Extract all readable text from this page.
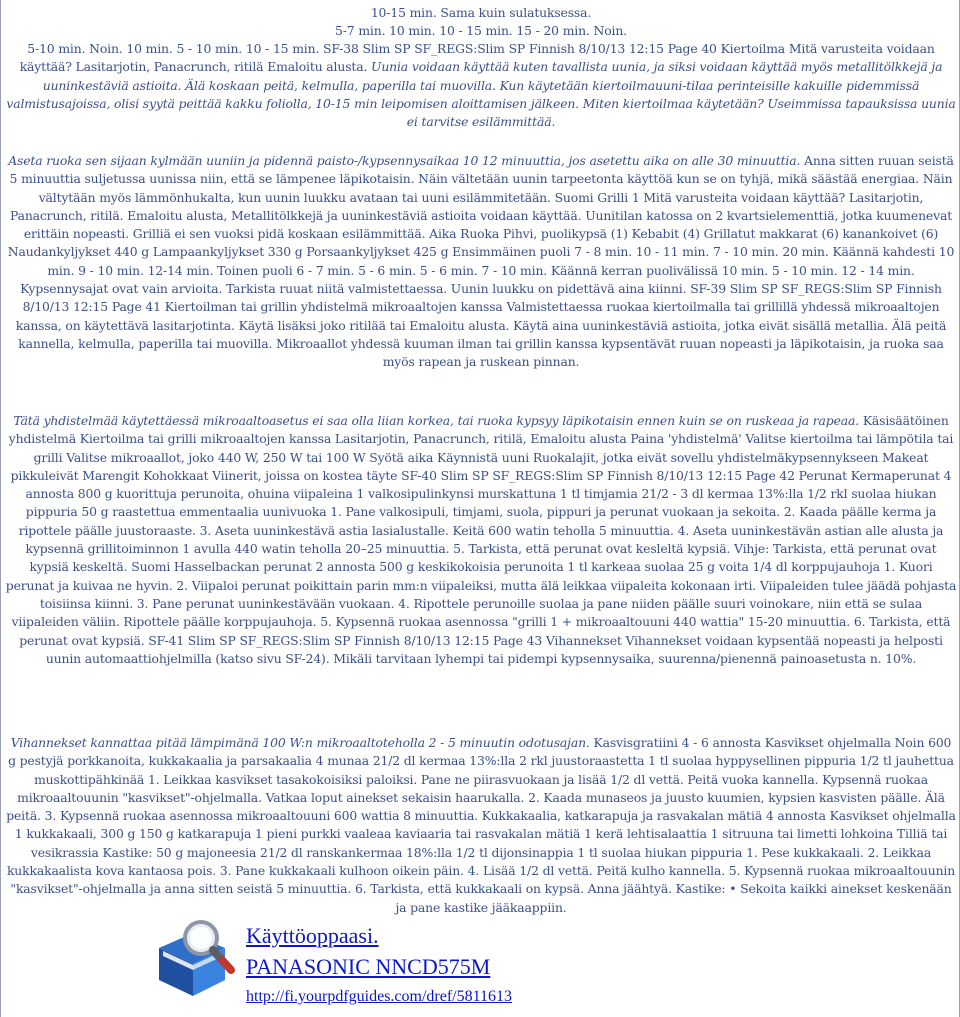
10-15 min. Sama kuin sulatuksessa.
5-7 min. 10 min. 10 - 15 min. 15 - 20 min. Noin.
5-10 min. Noin. 10 min. 5 - 10 min. 10 - 15 min. SF-38 Slim SP SF_REGS:Slim SP Finnish 8/10/13 12:15 Page 40 Kiertoilma Mitä varusteita voidaan käyttää? Lasitarjotin, Panacrunch, ritilä Emaloitu alusta. Uunia voidaan käyttää kuten tavallista uunia, ja siksi voidaan käyttää myös metallitölkkejä ja uuninkestäviä astioita. Älä koskaan peitä, kelmulla, paperilla tai muovilla. Kun käytetään kiertoilmauuni-tilaa perinteisille kakuille pidemmissä valmistusajoissa, olisi syytä peittää kakku foliolla, 10-15 min leipomisen aloittamisen jälkeen. Miten kiertoilmaa käytetään? Useimmissa tapauksissa uunia ei tarvitse esilämmittää.
Aseta ruoka sen sijaan kylmään uuniin ja pidennä paisto-/kypsennysaikaa 10 12 minuuttia, jos asetettu aika on alle 30 minuuttia. Anna sitten ruuan seistä 5 minuuttia suljetussa uunissa niin, että se lämpenee läpikotaisin. Näin vältetään uunin tarpeetonta käyttöä kun se on tyhjä, mikä säästää energiaa. Näin vältytään myös lämmönhukalta, kun uunin luukku avataan tai uuni esilämmitetään. Suomi Grilli 1 Mitä varusteita voidaan käyttää? Lasitarjotin, Panacrunch, ritilä. Emaloitu alusta, Metallitölkkejä ja uuninkestäviä astioita voidaan käyttää. Uunitilan katossa on 2 kvartsielementtiä, jotka kuumenevat erittäin nopeasti. Grilliä ei sen vuoksi pidä koskaan esilämmittää. Aika Ruoka Pihvi, puolikypsä (1) Kebabit (4) Grillatut makkarat (6) kanankoivet (6) Naudankyljykset 440 g Lampaankyljykset 330 g Porsaankyljykset 425 g Ensimmäinen puoli 7 - 8 min. 10 - 11 min. 7 - 10 min. 20 min. Käännä kahdesti 10 min. 9 - 10 min. 12-14 min. Toinen puoli 6 - 7 min. 5 - 6 min. 5 - 6 min. 7 - 10 min. Käännä kerran puolivälissä 10 min. 5 - 10 min. 12 - 14 min. Kypsennysajat ovat vain arvioita. Tarkista ruuat niitä valmistettaessa. Uunin luukku on pidettävä aina kiinni. SF-39 Slim SP SF_REGS:Slim SP Finnish 8/10/13 12:15 Page 41 Kiertoilman tai grillin yhdistelmä mikroaaltojen kanssa Valmistettaessa ruokaa kiertoilmalla tai grillillä yhdessä mikroaaltojen kanssa, on käytettävä lasitarjotinta. Käytä lisäksi joko ritilää tai Emaloitu alusta. Käytä aina uuninkestäviä astioita, jotka eivät sisällä metallia. Älä peitä kannella, kelmulla, paperilla tai muovilla. Mikroaallot yhdessä kuuman ilman tai grillin kanssa kypsentävät ruuan nopeasti ja läpikotaisin, ja ruoka saa myös rapean ja ruskean pinnan.
Tätä yhdistelmää käytettäessä mikroaaltoasetus ei saa olla liian korkea, tai ruoka kypsyy läpikotaisin ennen kuin se on ruskeaa ja rapeaa. Käsisäätöinen yhdistelmä Kiertoilma tai grilli mikroaaltojen kanssa Lasitarjotin, Panacrunch, ritilä, Emaloitu alusta Paina 'yhdistelmä' Valitse kiertoilma tai lämpötila tai grilli Valitse mikroaallot, joko 440 W, 250 W tai 100 W Syötä aika Käynnistä uuni Ruokalajit, jotka eivät sovellu yhdistelmäkypsennykseen Makeat pikkuleivät Marengit Kohokkaat Viinerit, joissa on kostea täyte SF-40 Slim SP SF_REGS:Slim SP Finnish 8/10/13 12:15 Page 42 Perunat Kermaperunat 4 annosta 800 g kuorittuja perunoita, ohuina viipaleina 1 valkosipulinkynsi murskattuna 1 tl timjamia 21/2 - 3 dl kermaa 13%:lla 1/2 rkl suolaa hiukan pippuria 50 g raastettua emmentaalia uunivuoka 1. Pane valkosipuli, timjami, suola, pippuri ja perunat vuokaan ja sekoita. 2. Kaada päälle kerma ja ripottele päälle juustoraaste. 3. Aseta uuninkestävä astia lasialustalle. Keitä 600 watin teholla 5 minuuttia. 4. Aseta uuninkestävän astian alle alusta ja kypsennä grillitoiminnon 1 avulla 440 watin teholla 20–25 minuuttia. 5. Tarkista, että perunat ovat kesleltä kypsiä. Vihje: Tarkista, että perunat ovat kypsiä keskeltä. Suomi Hasselbackan perunat 2 annosta 500 g keskikokoisia perunoita 1 tl karkeaa suolaa 25 g voita 1/4 dl korppujauhoja 1. Kuori perunat ja kuivaa ne hyvin. 2. Viipaloi perunat poikittain parin mm:n viipaleiksi, mutta älä leikkaa viipaleita kokonaan irti. Viipaleiden tulee jäädä pohjasta toisiinsa kiinni. 3. Pane perunat uuninkestävään vuokaan. 4. Ripottele perunoille suolaa ja pane niiden päälle suuri voinokare, niin että se sulaa viipaleiden väliin. Ripottele päälle korppujauhoja. 5. Kypsennä ruokaa asennossa "grilli 1 + mikroaaltouuni 440 wattia" 15-20 minuuttia. 6. Tarkista, että perunat ovat kypsiä. SF-41 Slim SP SF_REGS:Slim SP Finnish 8/10/13 12:15 Page 43 Vihannekset Vihannekset voidaan kypsentää nopeasti ja helposti uunin automaattiohjelmilla (katso sivu SF-24). Mikäli tarvitaan lyhempi tai pidempi kypsennysaika, suurenna/pienennä painoasetusta n. 10%.
Vihannekset kannattaa pitää lämpimänä 100 W:n mikroaaltoteholla 2 - 5 minuutin odotusajan. Kasvisgratiini 4 - 6 annosta Kasvikset ohjelmalla Noin 600 g pestyjä porkkanoita, kukkakaalia ja parsakaalia 4 munaa 21/2 dl kermaa 13%:lla 2 rkl juustoraastetta 1 tl suolaa hyppysellinen pippuria 1/2 tl jauhettua muskottipähkinää 1. Leikkaa kasvikset tasakokoisiksi paloiksi. Pane ne piirasvuokaan ja lisää 1/2 dl vettä. Peitä vuoka kannella. Kypsennä ruokaa mikroaaltouunin "kasvikset"-ohjelmalla. Vatkaa loput ainekset sekaisin haarukalla. 2. Kaada munaseos ja juusto kuumien, kypsien kasvisten päälle. Älä peitä. 3. Kypsennä ruokaa asennossa mikroaaltouuni 600 wattia 8 minuuttia. Kukkakaalia, katkarapuja ja rasvakalan mätiä 4 annosta Kasvikset ohjelmalla 1 kukkakaali, 300 g 150 g katkarapuja 1 pieni purkki vaaleaa kaviaaria tai rasvakalan mätiä 1 kerä lehtisalaattia 1 sitruuna tai limetti lohkoina Tilliä tai vesikrassia Kastike: 50 g majoneesia 21/2 dl ranskankermaa 18%:lla 1/2 tl dijonsinappia 1 tl suolaa hiukan pippuria 1. Pese kukkakaali. 2. Leikkaa kukkakaalista kova kantaosa pois. 3. Pane kukkakaali kulhoon oikein päin. 4. Lisää 1/2 dl vettä. Peitä kulho kannella. 5. Kypsennä ruokaa mikroaaltouunin "kasvikset"-ohjelmalla ja anna sitten seistä 5 minuuttia. 6. Tarkista, että kukkakaali on kypsä. Anna jäähtyä. Kastike: • Sekoita kaikki ainekset keskenään ja pane kastike jääkaappiin.
Käyttöoppaasi.
PANASONIC NNCD575M
http://fi.yourpdfguides.com/dref/5811613
